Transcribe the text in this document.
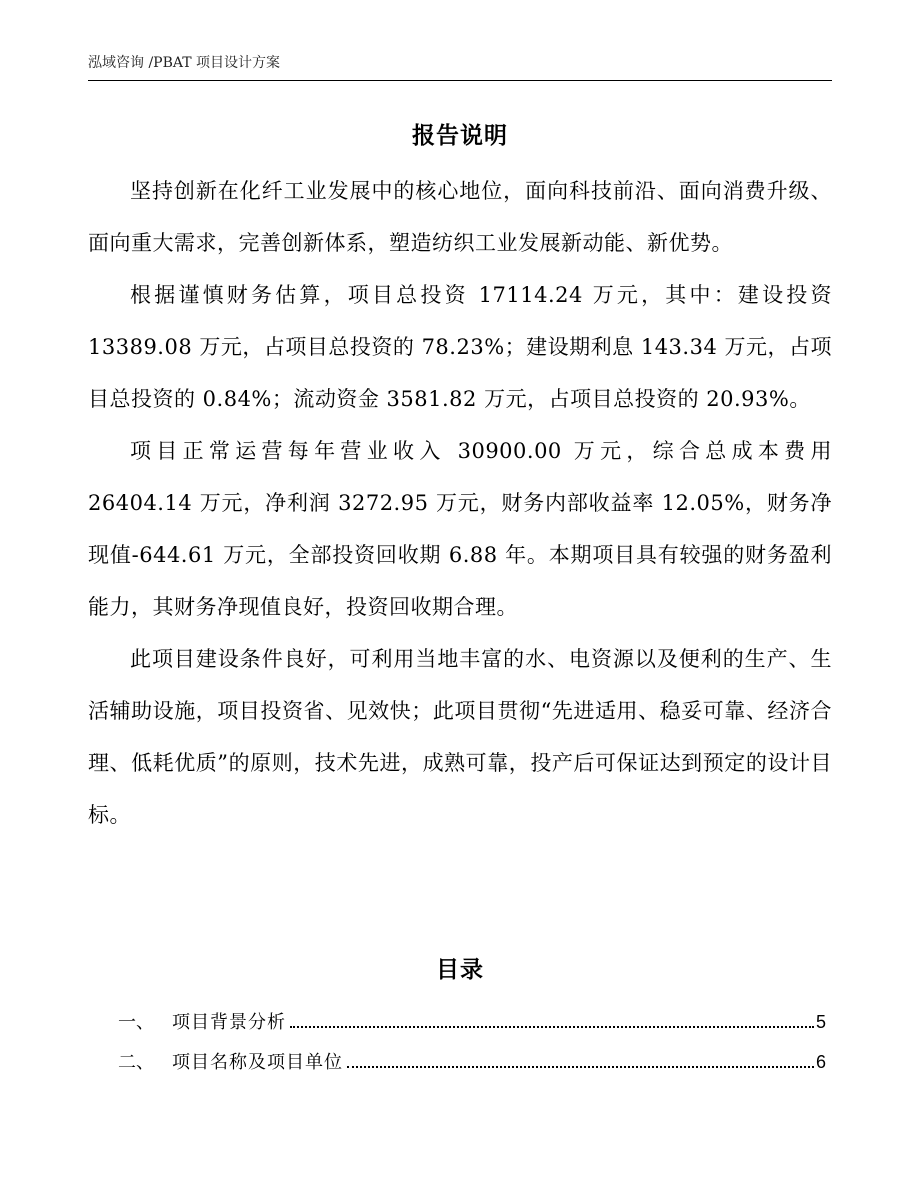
泓域咨询 /PBAT 项目设计方案
报告说明

坚持创新在化纤工业发展中的核心地位，面向科技前沿、面向消费升级、面向重大需求，完善创新体系，塑造纺织工业发展新动能、新优势。

根据谨慎财务估算，项目总投资 17114.24 万元，其中：建设投资 13389.08 万元，占项目总投资的 78.23%；建设期利息 143.34 万元，占项目总投资的 0.84%；流动资金 3581.82 万元，占项目总投资的 20.93%。

项目正常运营每年营业收入 30900.00 万元，综合总成本费用 26404.14 万元，净利润 3272.95 万元，财务内部收益率 12.05%，财务净现值-644.61 万元，全部投资回收期 6.88 年。本期项目具有较强的财务盈利能力，其财务净现值良好，投资回收期合理。

此项目建设条件良好，可利用当地丰富的水、电资源以及便利的生产、生活辅助设施，项目投资省、见效快；此项目贯彻“先进适用、稳妥可靠、经济合理、低耗优质”的原则，技术先进，成熟可靠，投产后可保证达到预定的设计目标。

目录
一、	项目背景分析	5
二、	项目名称及项目单位	6
